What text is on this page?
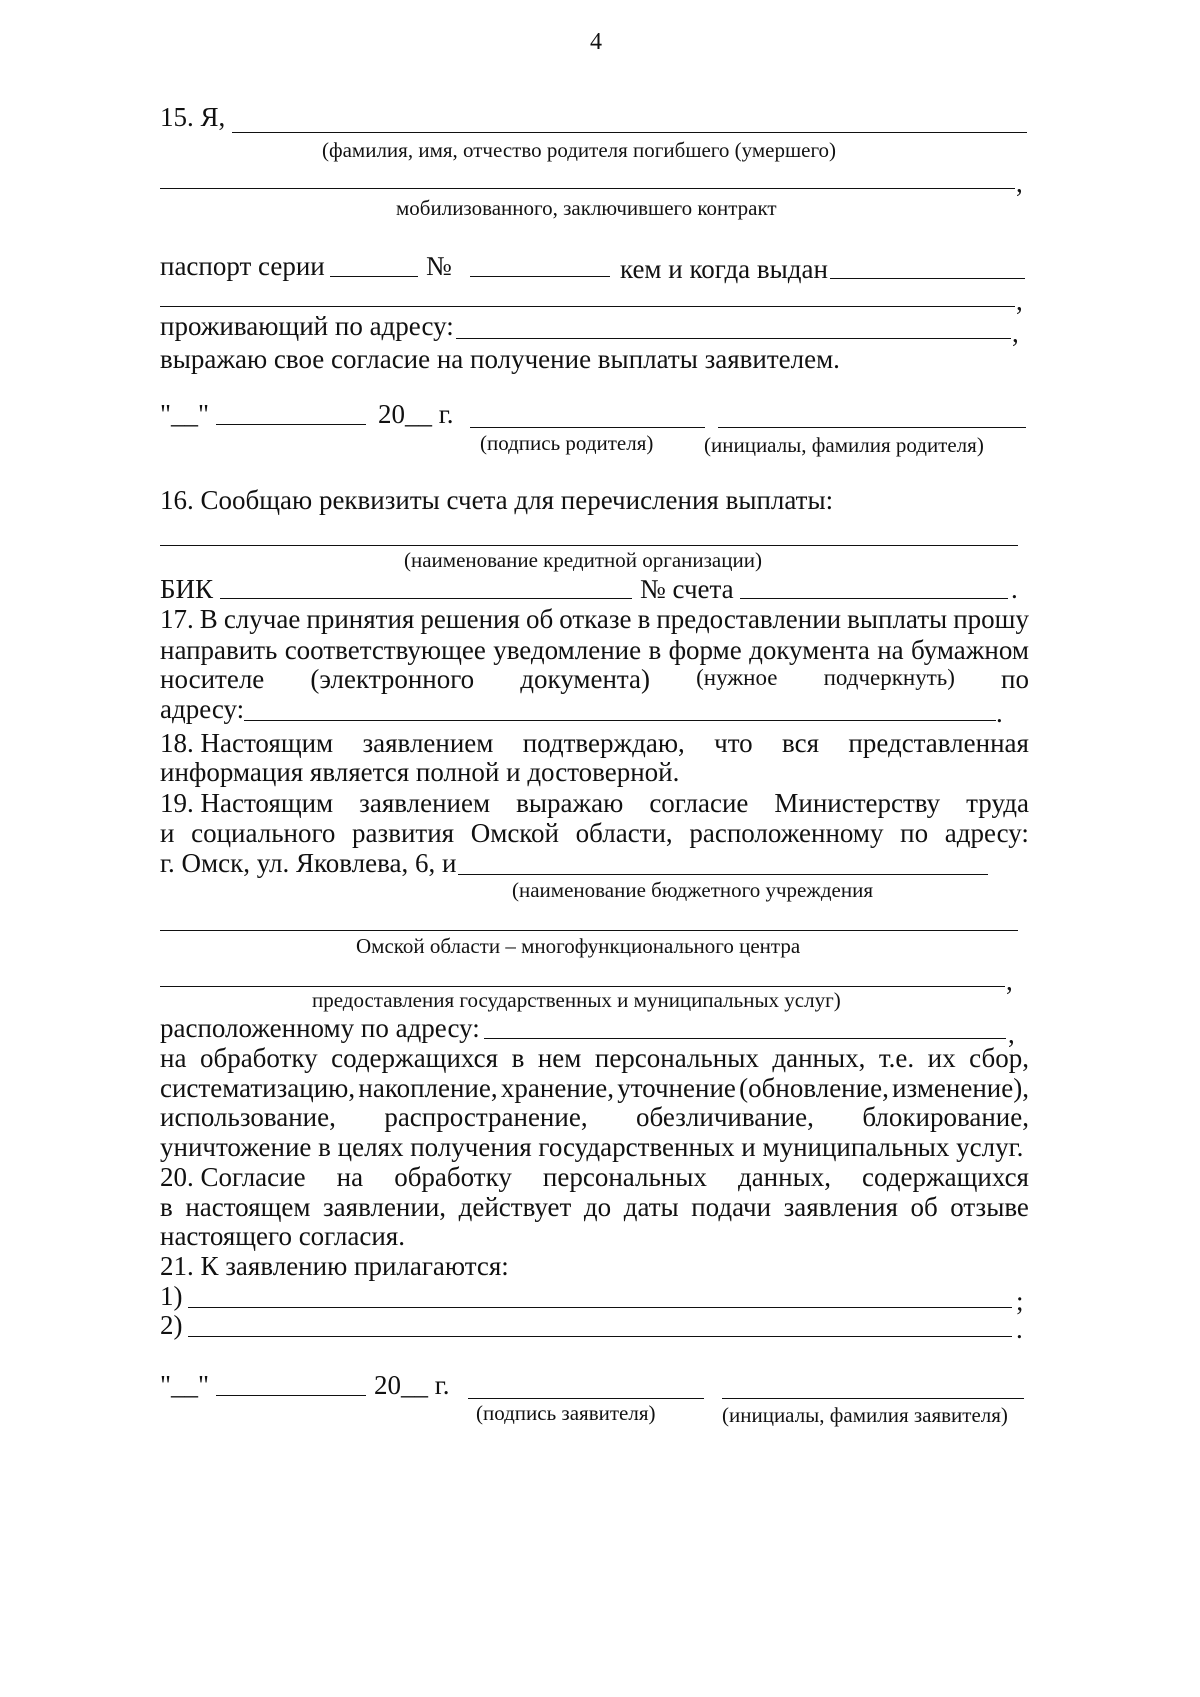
4
15. Я,
(фамилия, имя, отчество родителя погибшего (умершего)
,
мобилизованного, заключившего контракт
паспорт серии	№	кем и когда выдан
,
проживающий по адресу:	,
выражаю свое согласие на получение выплаты заявителем.
"__"	20__ г.
(подпись родителя) (инициалы, фамилия родителя)
16. Сообщаю реквизиты счета для перечисления выплаты:
(наименование кредитной организации)
БИК	№ счета	.
17. В случае принятия решения об отказе в предоставлении выплаты прошу
направить соответствующее уведомление в форме документа на бумажном
носителе (электронного документа) (нужное подчеркнуть) по
адресу:	.
18. Настоящим заявлением подтверждаю, что вся представленная
информация является полной и достоверной.
19. Настоящим заявлением выражаю согласие Министерству труда
и социального развития Омской области, расположенному по адресу:
г. Омск, ул. Яковлева, 6, и
(наименование бюджетного учреждения
Омской области – многофункционального центра
,
предоставления государственных и муниципальных услуг)
расположенному по адресу:	,
на обработку содержащихся в нем персональных данных, т.е. их сбор,
систематизацию, накопление, хранение, уточнение (обновление, изменение),
использование, распространение, обезличивание, блокирование,
уничтожение в целях получения государственных и муниципальных услуг.
20. Согласие на обработку персональных данных, содержащихся
в настоящем заявлении, действует до даты подачи заявления об отзыве
настоящего согласия.
21. К заявлению прилагаются:
1)	;
2)	.
"__"	20__ г.
(подпись заявителя)	(инициалы, фамилия заявителя)
